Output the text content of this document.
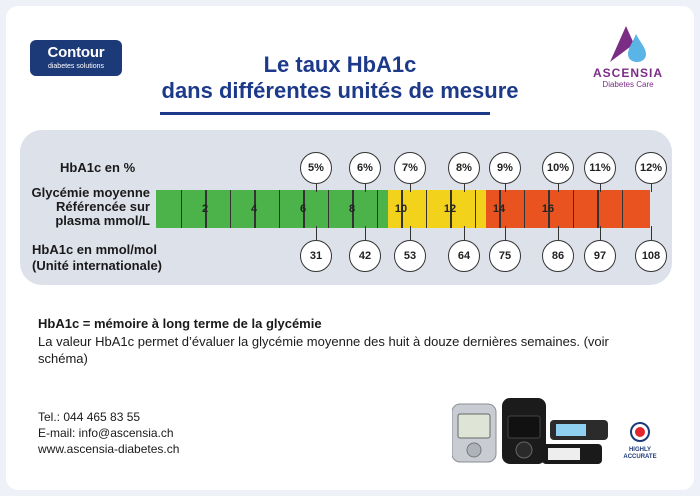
Contour
diabetes solutions	Le taux HbA1c
dans différentes unités de mesure
ASCENSIA
Diabetes Care
HbA1c en %
Glycémie moyenne
Référencée sur
plasma mmol/L
HbA1c en mmol/mol
(Unité internationale)
2	4	6	8	10	12	14	16
5%
31
6%
42
7%
53
8%
64
9%
75
10%
86
11%
97
12%
108
HbA1c = mémoire à long terme de la glycémie
La valeur HbA1c permet d’évaluer la glycémie moyenne des huit à douze dernières semaines. (voir schéma)
Tel.: 044 465 83 55
E-mail: info@ascensia.ch
www.ascensia-diabetes.ch	HIGHLY
ACCURATE
